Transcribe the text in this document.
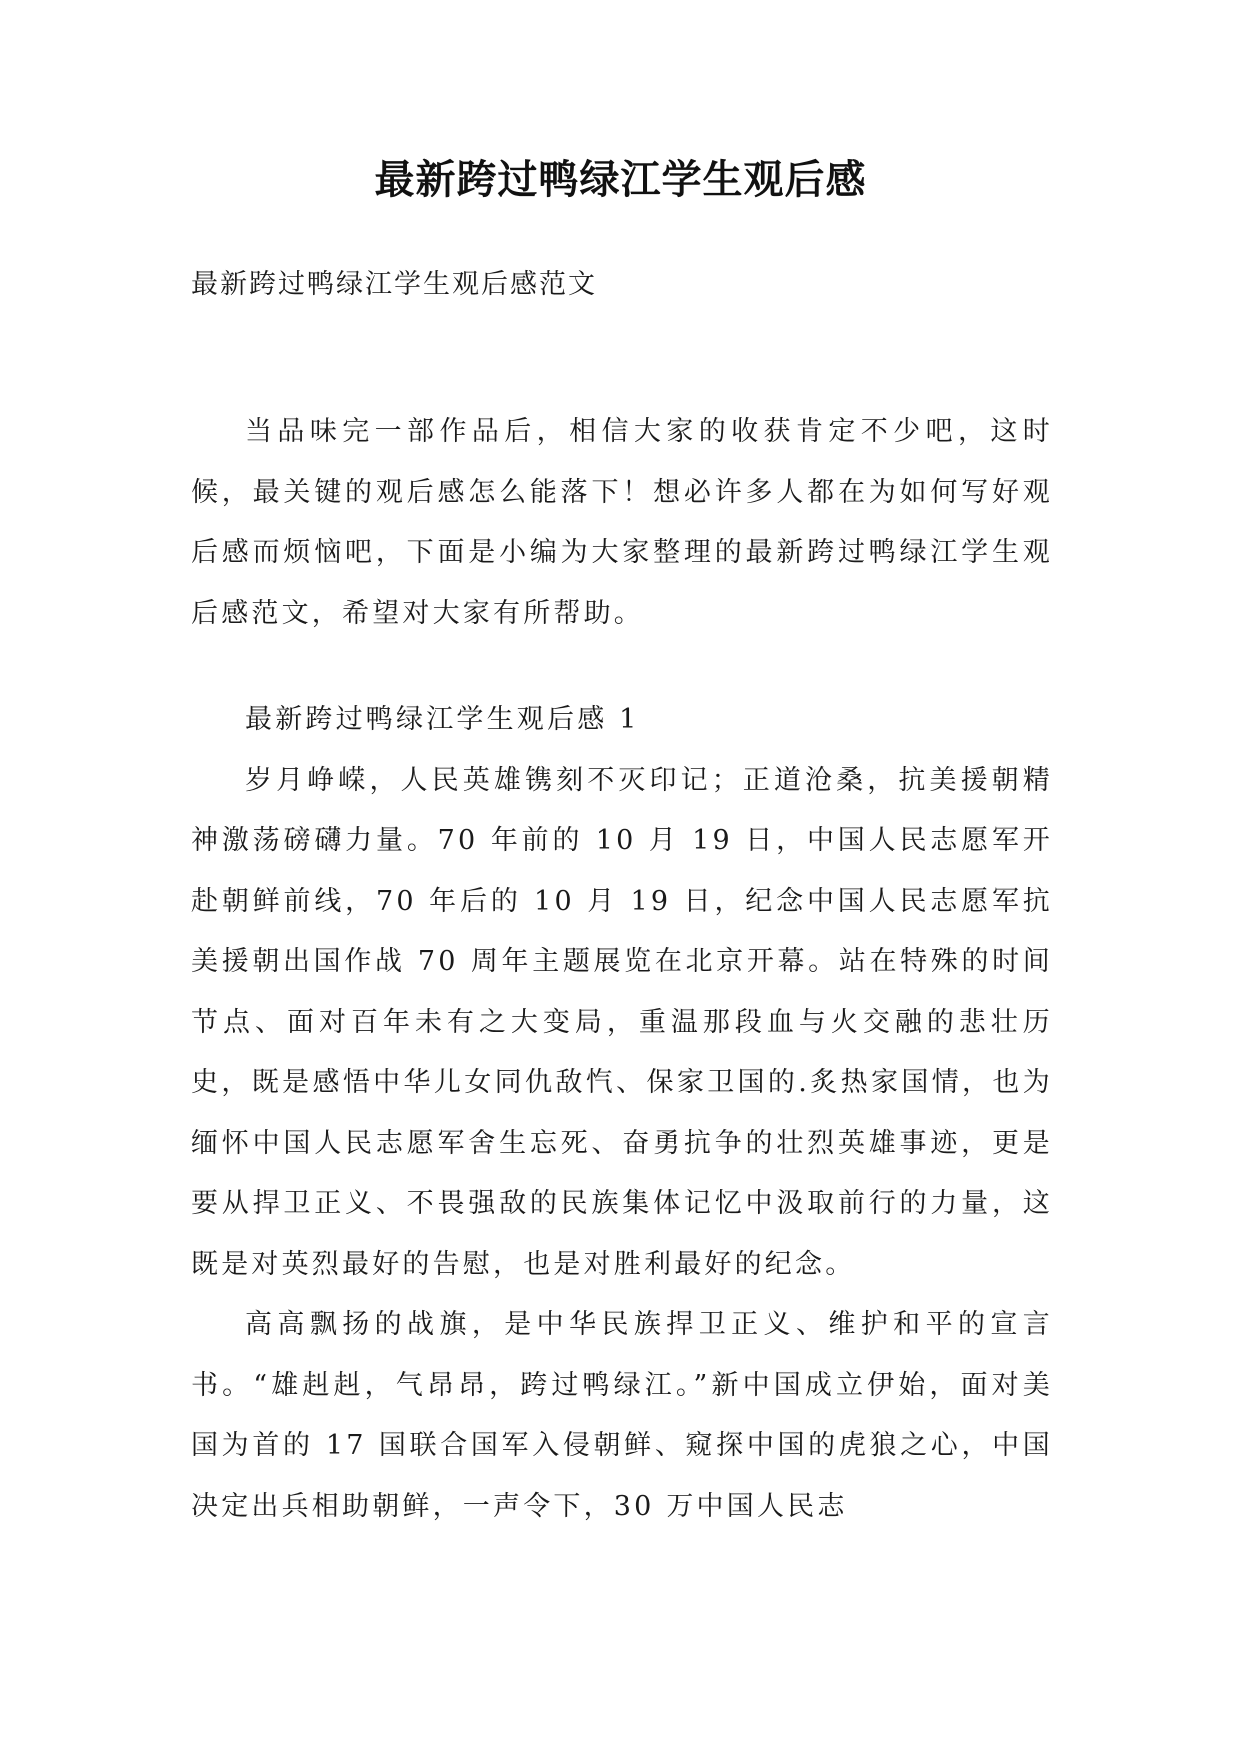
最新跨过鸭绿江学生观后感
最新跨过鸭绿江学生观后感范文

当品味完一部作品后，相信大家的收获肯定不少吧，这时候，最关键的观后感怎么能落下！想必许多人都在为如何写好观后感而烦恼吧，下面是小编为大家整理的最新跨过鸭绿江学生观后感范文，希望对大家有所帮助。

最新跨过鸭绿江学生观后感 1

岁月峥嵘，人民英雄镌刻不灭印记；正道沧桑，抗美援朝精神激荡磅礴力量。70 年前的 10 月 19 日，中国人民志愿军开赴朝鲜前线，70 年后的 10 月 19 日，纪念中国人民志愿军抗美援朝出国作战 70 周年主题展览在北京开幕。站在特殊的时间节点、面对百年未有之大变局，重温那段血与火交融的悲壮历史，既是感悟中华儿女同仇敌忾、保家卫国的.炙热家国情，也为缅怀中国人民志愿军舍生忘死、奋勇抗争的壮烈英雄事迹，更是要从捍卫正义、不畏强敌的民族集体记忆中汲取前行的力量，这既是对英烈最好的告慰，也是对胜利最好的纪念。

高高飘扬的战旗，是中华民族捍卫正义、维护和平的宣言书。“雄赳赳，气昂昂，跨过鸭绿江。”新中国成立伊始，面对美国为首的 17 国联合国军入侵朝鲜、窥探中国的虎狼之心，中国决定出兵相助朝鲜，一声令下，30 万中国人民志
